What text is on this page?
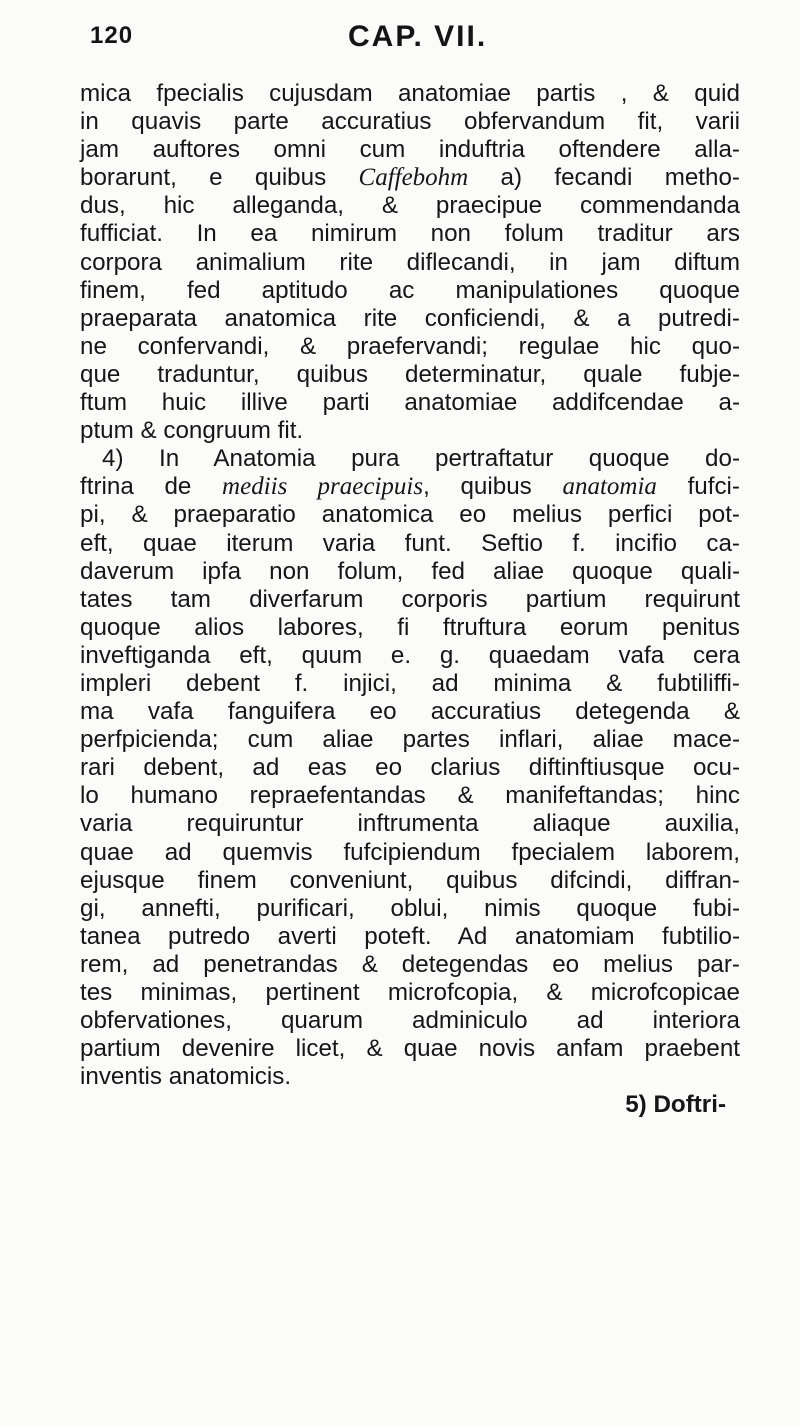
120	CAP. VII.
mica fpecialis cujusdam anatomiae partis , & quid
in quavis parte accuratius obfervandum fit, varii
jam auftores omni cum induftria oftendere alla-
borarunt, e quibus Caffebohm a) fecandi metho-
dus, hic alleganda, & praecipue commendanda
fufficiat. In ea nimirum non folum traditur ars
corpora animalium rite diflecandi, in jam diftum
finem, fed aptitudo ac manipulationes quoque
praeparata anatomica rite conficiendi, & a putredi-
ne confervandi, & praefervandi; regulae hic quo-
que traduntur, quibus determinatur, quale fubje-
ftum huic illive parti anatomiae addifcendae a-
ptum & congruum fit.
4) In Anatomia pura pertraftatur quoque do-
ftrina de mediis praecipuis, quibus anatomia fufci-
pi, & praeparatio anatomica eo melius perfici pot-
eft, quae iterum varia funt. Seftio f. incifio ca-
daverum ipfa non folum, fed aliae quoque quali-
tates tam diverfarum corporis partium requirunt
quoque alios labores, fi ftruftura eorum penitus
inveftiganda eft, quum e. g. quaedam vafa cera
impleri debent f. injici, ad minima & fubtiliffi-
ma vafa fanguifera eo accuratius detegenda &
perfpicienda; cum aliae partes inflari, aliae mace-
rari debent, ad eas eo clarius diftinftiusque ocu-
lo humano repraefentandas & manifeftandas; hinc
varia requiruntur inftrumenta aliaque auxilia,
quae ad quemvis fufcipiendum fpecialem laborem,
ejusque finem conveniunt, quibus difcindi, diffran-
gi, annefti, purificari, oblui, nimis quoque fubi-
tanea putredo averti poteft. Ad anatomiam fubtilio-
rem, ad penetrandas & detegendas eo melius par-
tes minimas, pertinent microfcopia, & microfcopicae
obfervationes, quarum adminiculo ad interiora
partium devenire licet, & quae novis anfam praebent
inventis anatomicis.
5) Doftri-
